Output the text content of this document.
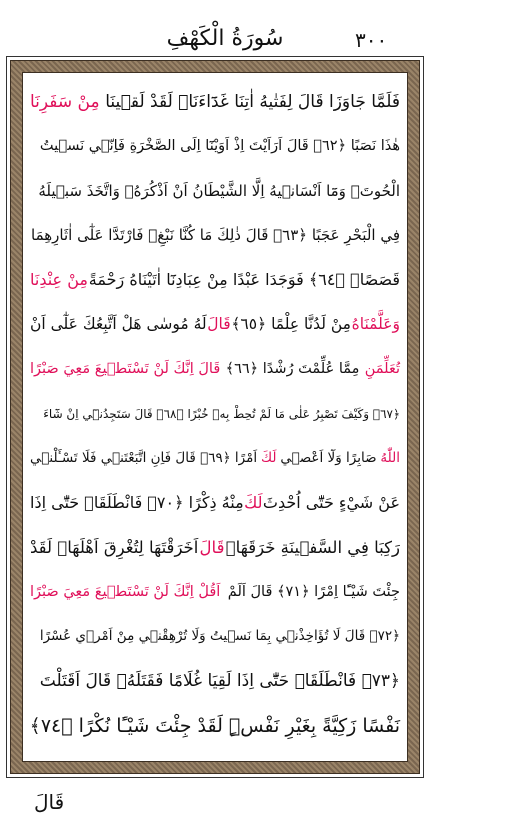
٣٠٠
سُورَةُ الْكَهْفِ
فَلَمَّا جَاوَزَا قَالَ لِفَتٰيهُ اٰتِنَا غَدَٓاءَنَاۘ لَقَدْ لَق۪ينَا
مِنْ سَفَرِنَا
هٰذَا نَصَبًا ﴿٦٢﴾ قَالَ اَرَاَيْتَ اِذْ اَوَيْنَٓا اِلَى الصَّخْرَةِ فَاِنّ۪ي نَس۪يتُ
الْحُوتَۘ وَمَٓا اَنْسَان۪يهُ اِلَّا الشَّيْطَانُ اَنْ اَذْكُرَهُۚ وَاتَّخَذَ سَب۪يلَهُ
فِي الْبَحْرِ عَجَبًا ﴿٦٣﴾ قَالَ ذٰلِكَ مَا كُنَّا نَبْغِۗ فَارْتَدَّا عَلٰٓى اٰثَارِهِمَا
قَصَصًاۙ ﴿٦٤﴾ فَوَجَدَا عَبْدًا مِنْ عِبَادِنَٓا اٰتَيْنَاهُ رَحْمَةً
مِنْ عِنْدِنَا
وَعَلَّمْنَاهُ
مِنْ لَدُنَّا عِلْمًا ﴿٦٥﴾
قَالَ
لَهُ مُوسٰى هَلْ اَتَّبِعُكَ عَلٰٓى اَنْ
تُعَلِّمَنِ
مِمَّا عُلِّمْتَ رُشْدًا ﴿٦٦﴾
قَالَ اِنَّكَ لَنْ تَسْتَط۪يعَ مَعِيَ صَبْرًا
﴿٦٧﴾ وَكَيْفَ تَصْبِرُ عَلٰى مَا لَمْ تُحِطْ بِه۪ خُبْرًا ﴿٦٨﴾ قَالَ سَتَجِدُن۪ٓي اِنْ شَٓاءَ
اللّٰهُ
صَابِرًا وَلَٓا اَعْص۪ي
لَكَ
اَمْرًا ﴿٦٩﴾ قَالَ فَاِنِ اتَّبَعْتَن۪ي فَلَا تَسْـَٔلْن۪ي
عَنْ شَيْءٍ حَتّٰٓى اُحْدِثَ
لَكَ
مِنْهُ ذِكْرًا ﴿٧٠﴾ فَانْطَلَقَاࣞ حَتّٰٓى اِذَا
رَكِبَا فِي السَّف۪ينَةِ خَرَقَهَاۜ
قَالَ
اَخَرَقْتَهَا لِتُغْرِقَ اَهْلَهَاۚ لَقَدْ
جِئْتَ شَيْـًٔا اِمْرًا ﴿٧١﴾ قَالَ اَلَمْ
اَقُلْ اِنَّكَ لَنْ تَسْتَط۪يعَ مَعِيَ صَبْرًا
﴿٧٢﴾ قَالَ لَا تُؤَاخِذْن۪ي بِمَا نَس۪يتُ وَلَا تُرْهِقْن۪ي مِنْ اَمْر۪ي عُسْرًا
﴿٧٣﴾ فَانْطَلَقَاࣞ حَتّٰٓى اِذَا لَقِيَا غُلَامًا فَقَتَلَهُۙ قَالَ اَقَتَلْتَ
نَفْسًا زَكِيَّةً بِغَيْرِ نَفْسٍۜ لَقَدْ جِئْتَ شَيْـًٔا نُكْرًا ﴿٧٤﴾
قَالَ
